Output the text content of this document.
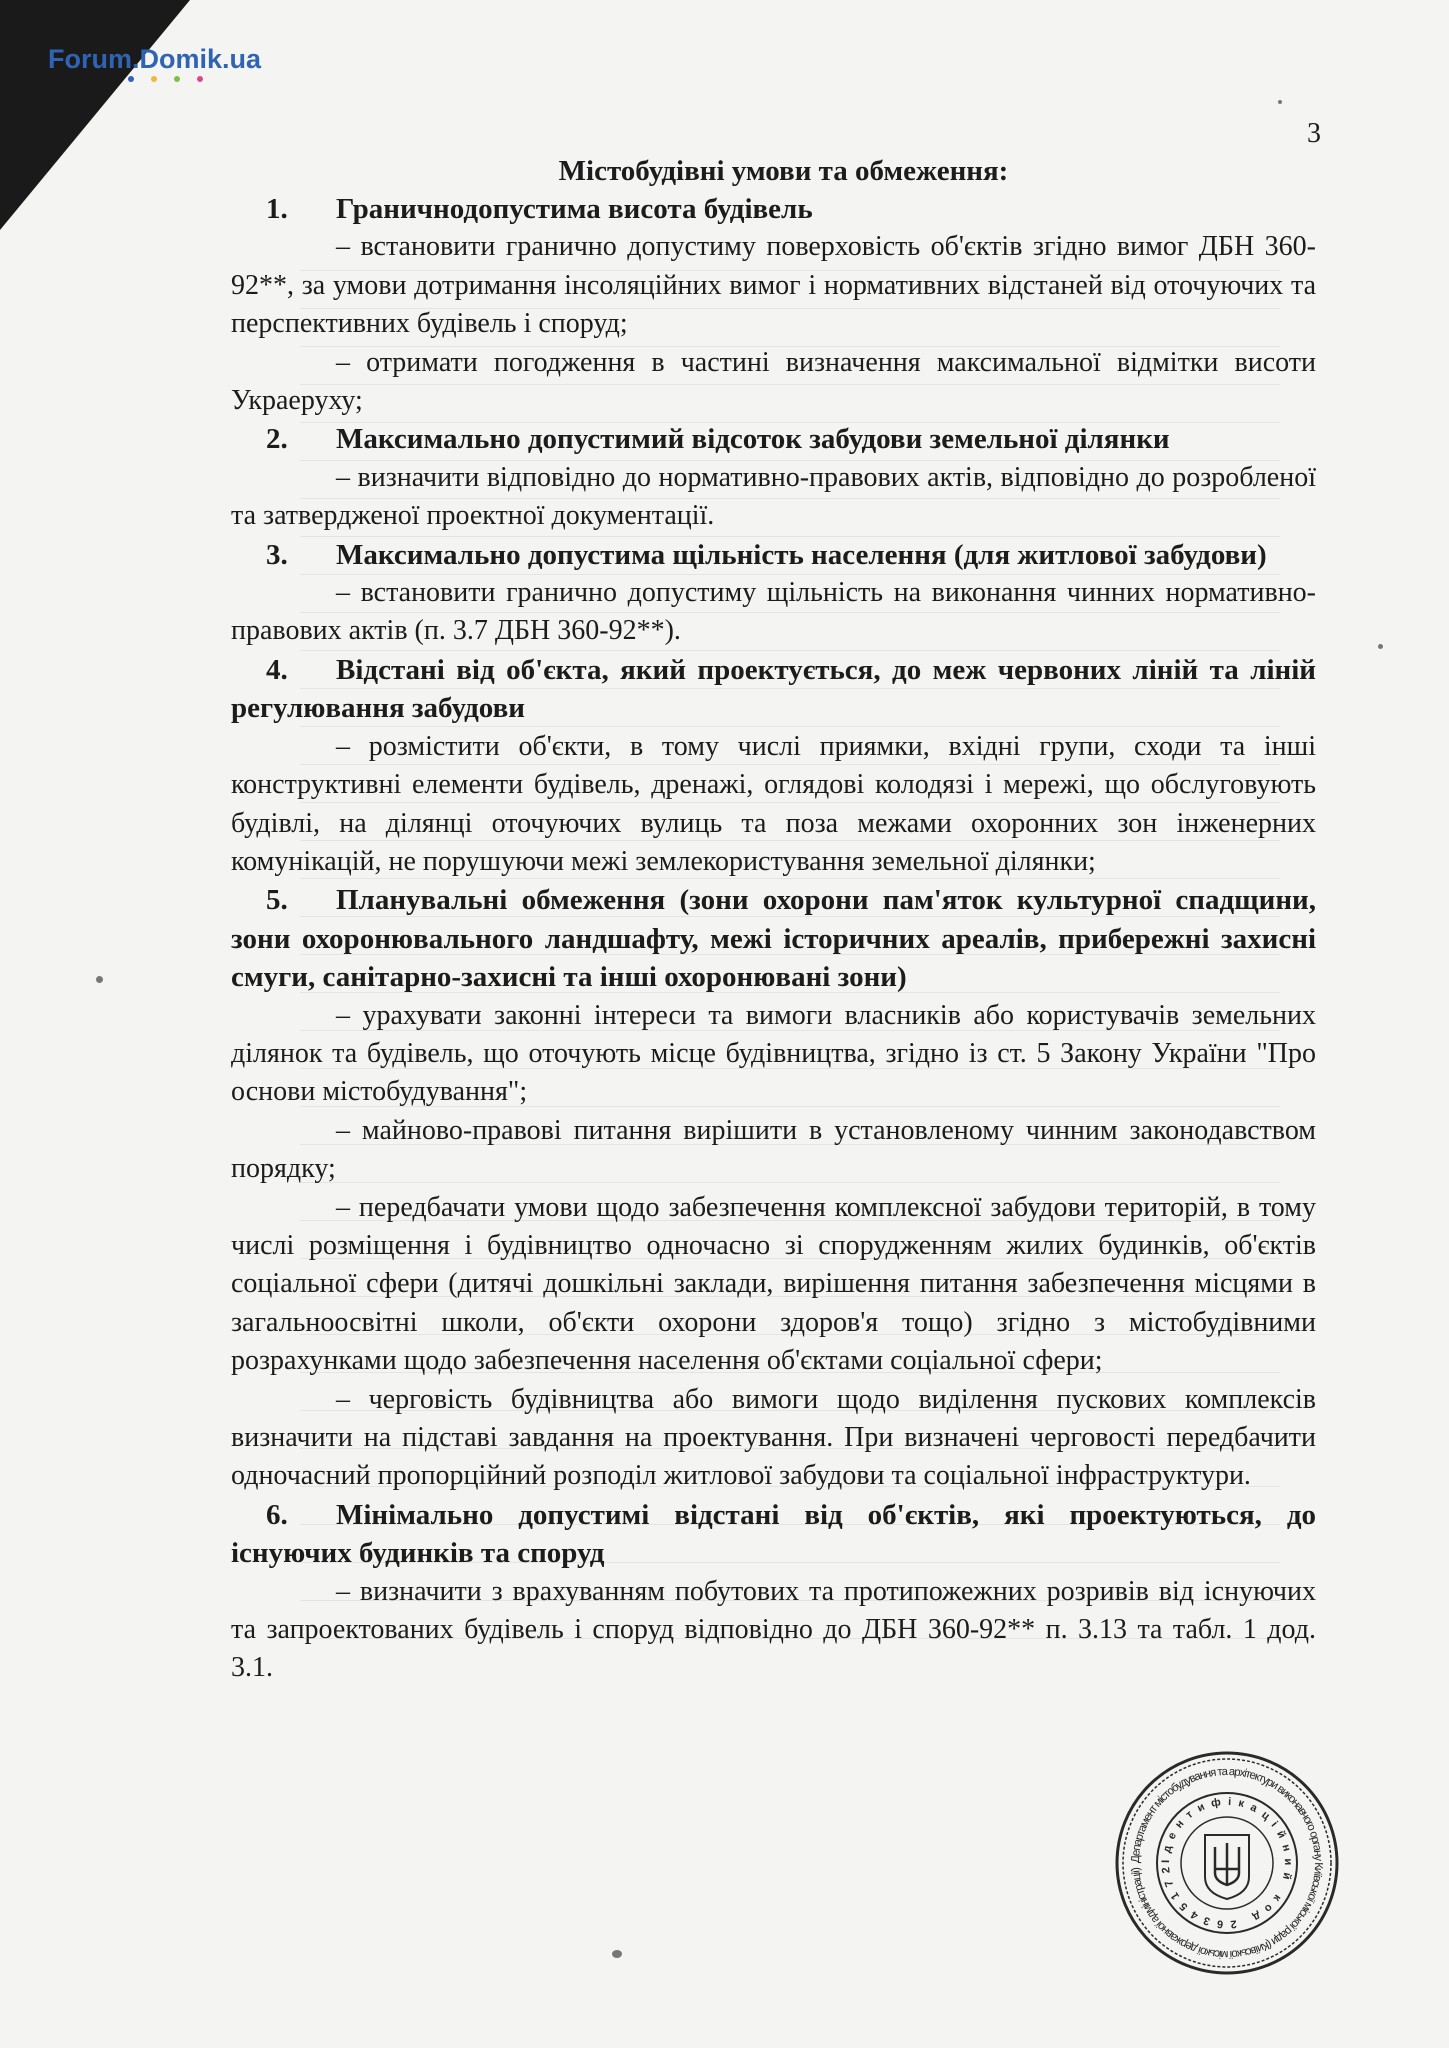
Forum.Domik.ua
3
Містобудівні умови та обмеження:
1. Граничнодопустима висота будівель
– встановити гранично допустиму поверховість об'єктів згідно вимог ДБН 360-92**, за умови дотримання інсоляційних вимог і нормативних відстаней від оточуючих та перспективних будівель і споруд;
– отримати погодження в частині визначення максимальної відмітки висоти Украеруху;
2. Максимально допустимий відсоток забудови земельної ділянки
– визначити відповідно до нормативно-правових актів, відповідно до розробленої та затвердженої проектної документації.
3. Максимально допустима щільність населення (для житлової забудови)
– встановити гранично допустиму щільність на виконання чинних нормативно-правових актів (п. 3.7 ДБН 360-92**).
4. Відстані від об'єкта, який проектується, до меж червоних ліній та ліній регулювання забудови
– розмістити об'єкти, в тому числі приямки, вхідні групи, сходи та інші конструктивні елементи будівель, дренажі, оглядові колодязі і мережі, що обслуговують будівлі, на ділянці оточуючих вулиць та поза межами охоронних зон інженерних комунікацій, не порушуючи межі землекористування земельної ділянки;
5. Планувальні обмеження (зони охорони пам'яток культурної спадщини, зони охоронювального ландшафту, межі історичних ареалів, прибережні захисні смуги, санітарно-захисні та інші охоронювані зони)
– урахувати законні інтереси та вимоги власників або користувачів земельних ділянок та будівель, що оточують місце будівництва, згідно із ст. 5 Закону України "Про основи містобудування";
– майново-правові питання вирішити в установленому чинним законодавством порядку;
– передбачати умови щодо забезпечення комплексної забудови територій, в тому числі розміщення і будівництво одночасно зі спорудженням жилих будинків, об'єктів соціальної сфери (дитячі дошкільні заклади, вирішення питання забезпечення місцями в загальноосвітні школи, об'єкти охорони здоров'я тощо) згідно з містобудівними розрахунками щодо забезпечення населення об'єктами соціальної сфери;
– черговість будівництва або вимоги щодо виділення пускових комплексів визначити на підставі завдання на проектування. При визначені черговості передбачити одночасний пропорційний розподіл житлової забудови та соціальної інфраструктури.
6. Мінімально допустимі відстані від об'єктів, які проектуються, до існуючих будинків та споруд
– визначити з врахуванням побутових та протипожежних розривів від існуючих та запроектованих будівель і споруд відповідно до ДБН 360-92** п. 3.13 та табл. 1 дод. 3.1.
Департамент містобудування та архітектури виконавчого органу Київської міської ради (Київської міської державної адміністрації)
Ідентифікаційний код 26345172
